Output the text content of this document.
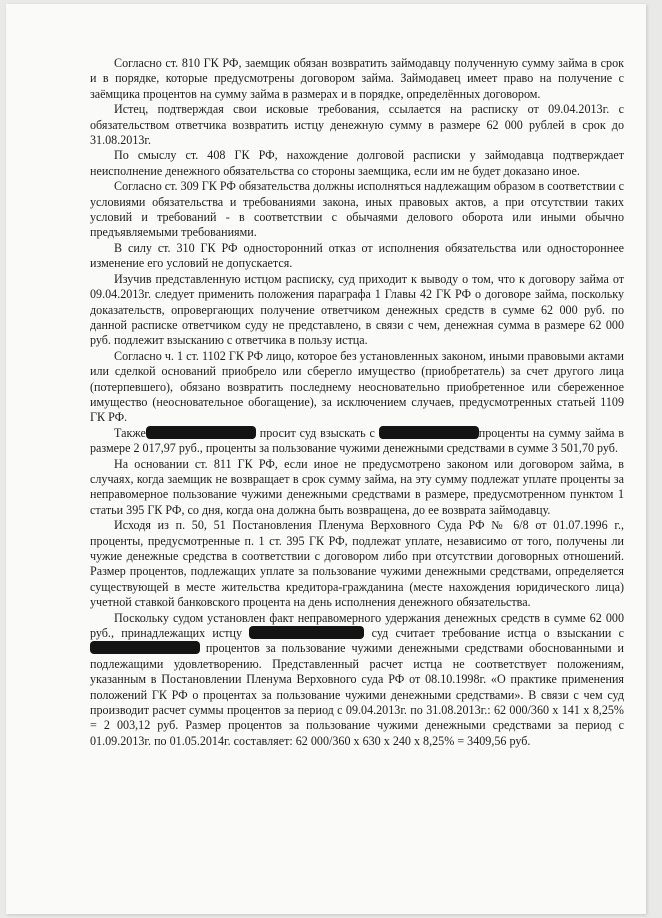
Согласно ст. 810 ГК РФ, заемщик обязан возвратить займодавцу полученную сумму займа в срок и в порядке, которые предусмотрены договором займа. Займодавец имеет право на получение с заёмщика процентов на сумму займа в размерах и в порядке, определённых договором.

Истец, подтверждая свои исковые требования, ссылается на расписку от 09.04.2013г. с обязательством ответчика возвратить истцу денежную сумму в размере 62 000 рублей в срок до 31.08.2013г.

По смыслу ст. 408 ГК РФ, нахождение долговой расписки у займодавца подтверждает неисполнение денежного обязательства со стороны заемщика, если им не будет доказано иное.

Согласно ст. 309 ГК РФ обязательства должны исполняться надлежащим образом в соответствии с условиями обязательства и требованиями закона, иных правовых актов, а при отсутствии таких условий и требований - в соответствии с обычаями делового оборота или иными обычно предъявляемыми требованиями.

В силу ст. 310 ГК РФ односторонний отказ от исполнения обязательства или одностороннее изменение его условий не допускается.

Изучив представленную истцом расписку, суд приходит к выводу о том, что к договору займа от 09.04.2013г. следует применить положения параграфа 1 Главы 42 ГК РФ о договоре займа, поскольку доказательств, опровергающих получение ответчиком денежных средств в сумме 62 000 руб. по данной расписке ответчиком суду не представлено, в связи с чем, денежная сумма в размере 62 000 руб. подлежит взысканию с ответчика в пользу истца.

Согласно ч. 1 ст. 1102 ГК РФ лицо, которое без установленных законом, иными правовыми актами или сделкой оснований приобрело или сберегло имущество (приобретатель) за счет другого лица (потерпевшего), обязано возвратить последнему неосновательно приобретенное или сбереженное имущество (неосновательное обогащение), за исключением случаев, предусмотренных статьей 1109 ГК РФ.

Также	просит суд взыскать с	проценты на сумму займа в размере 2 017,97 руб., проценты за пользование чужими денежными средствами в сумме 3 501,70 руб.

На основании ст. 811 ГК РФ, если иное не предусмотрено законом или договором займа, в случаях, когда заемщик не возвращает в срок сумму займа, на эту сумму подлежат уплате проценты за неправомерное пользование чужими денежными средствами в размере, предусмотренном пунктом 1 статьи 395 ГК РФ, со дня, когда она должна быть возвращена, до ее возврата займодавцу.

Исходя из п. 50, 51 Постановления Пленума Верховного Суда РФ № 6/8 от 01.07.1996 г., проценты, предусмотренные п. 1 ст. 395 ГК РФ, подлежат уплате, независимо от того, получены ли чужие денежные средства в соответствии с договором либо при отсутствии договорных отношений. Размер процентов, подлежащих уплате за пользование чужими денежными средствами, определяется существующей в месте жительства кредитора-гражданина (месте нахождения юридического лица) учетной ставкой банковского процента на день исполнения денежного обязательства.

Поскольку судом установлен факт неправомерного удержания денежных средств в сумме 62 000 руб., принадлежащих истцу	суд считает требование истца о взыскании с  процентов за пользование чужими денежными средствами обоснованными и подлежащими удовлетворению. Представленный расчет истца не соответствует положениям, указанным в Постановлении Пленума Верховного суда РФ от 08.10.1998г. «О практике применения положений ГК РФ о процентах за пользование чужими денежными средствами». В связи с чем суд производит расчет суммы процентов за период с 09.04.2013г. по 31.08.2013г.: 62 000/360 х 141 х 8,25% = 2 003,12 руб. Размер процентов за пользование чужими денежными средствами за период с 01.09.2013г. по 01.05.2014г. составляет: 62 000/360 х 630 х 240 х 8,25% = 3409,56 руб.
